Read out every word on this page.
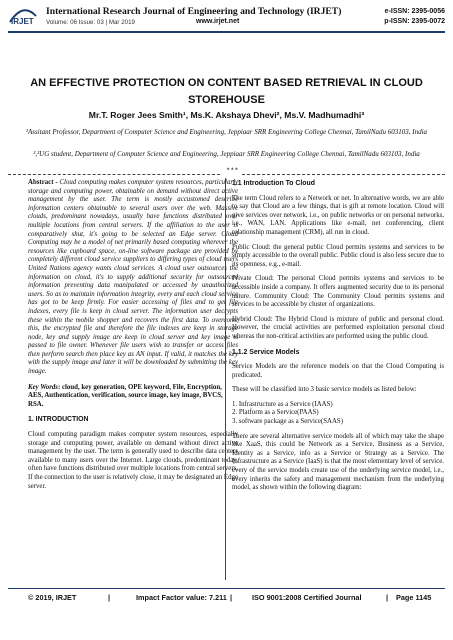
IRJET
International Research Journal of Engineering and Technology (IRJET)
Volume: 06 Issue: 03 | Mar 2019	www.irjet.net
e-ISSN: 2395-0056
p-ISSN: 2395-0072
AN EFFECTIVE PROTECTION ON CONTENT BASED RETRIEVAL IN CLOUD STOREHOUSE
Mr.T. Roger Jees Smith¹, Ms.K. Akshaya Dhevi², Ms.V. Madhumadhi³
¹Assitant Professor, Department of Computer Science and Engineering, Jeppiaar SRR Engineering College Chennai, TamilNadu 603103, India
²,³UG student, Department of Computer Science and Engineering, Jeppiaar SRR Engineering College Chennai, TamilNadu 603103, India
***

Abstract - Cloud computing makes computer system resources, particularly storage and computing power, obtainable on demand without direct active management by the user. The term is mostly accustomed describe information centers obtainable to several users over the web. Massive clouds, predominant nowadays, usually have functions distributed over multiple locations from central servers. If the affiliation to the user is comparatively shut, it's going to be selected an Edge server. Cloud Computing may be a model of net primarily based computing wherever the resources like cupboard space, on-line software package are provided by completely different cloud service suppliers to differing types of cloud users United Nations agency wants cloud services. A cloud user outsources the information on cloud, it's to supply additional security for outsourced information preventing data manipulated or accessed by unauthorized users. So as to maintain information integrity, every and each cloud service has got to be keep firmly. For easier accessing of files and to get file indexes, every file is keep in cloud server. The information user decrypts these within the mobile shopper and recovers the first data. To overcome this, the encrypted file and therefore the file indexes are keep in storage node, key and supply image are keep in cloud server and key image is passed to file owner. Whenever file users wish to transfer or access files then perform search then place key as AN input. If valid, it matches the key with the supply image and later it will be downloaded by submitting the key image.

Key Words: cloud, key generation, OPE keyword, File, Encryption, AES, Authentication, verification, source image, key image, BVCS, RSA.

1. INTRODUCTION

Cloud computing paradigm makes computer system resources, especially storage and computing power, available on demand without direct active management by the user. The term is generally used to describe data centers available to many users over the Internet. Large clouds, predominant today, often have functions distributed over multiple locations from central servers. If the connection to the user is relatively close, it may be designated an Edge server.

1.1 Introduction To Cloud

The term Cloud refers to a Network or net. In alternative words, we are able to say that Cloud are a few things, that is gift at remote location. Cloud will give services over network, i.e., on public networks or on personal networks, i.e., WAN, LAN. Applications like e-mail, net conferencing, client relationship management (CRM), all run in cloud.

Public Cloud: the general public Cloud permits systems and services to be simply accessible to the overall public. Public cloud is also less secure due to its openness, e.g., e-mail.

Private Cloud: The personal Cloud permits systems and services to be accessible inside a company. It offers augmented security due to its personal nature. Community Cloud: The Community Cloud permits systems and services to be accessible by cluster of organizations.

Hybrid Cloud: The Hybrid Cloud is mixture of public and personal cloud. However, the crucial activities are performed exploitation personal cloud whereas the non-critical activities are performed using the public cloud.

1.1.2 Service Models

Service Models are the reference models on that the Cloud Computing is predicated.

These will be classified into 3 basic service models as listed below:

1. Infrastructure as a Service (IAAS)
2. Platform as a Service(PAAS)
3. software package as a Service(SAAS)

There are several alternative service models all of which may take the shape like XaaS, this could be Network as a Service, Business as a Service, Identity as a Service, info as a Service or Strategy as a Service. The Infrastructure as a Service (IaaS) is that the most elementary level of service. every of the service models create use of the underlying service model, i.e., every inherits the safety and management mechanism from the underlying model, as shown within the following diagram:

© 2019, IRJET	|	Impact Factor value: 7.211 |	ISO 9001:2008 Certified Journal	| Page 1145
